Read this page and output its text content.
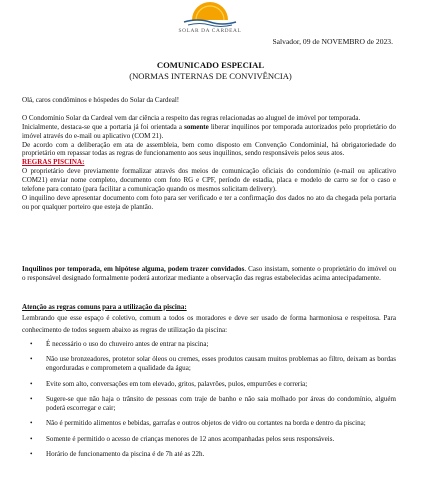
SOLAR DA CARDEAL
Salvador, 09 de NOVEMBRO de 2023.
COMUNICADO ESPECIAL
(NORMAS INTERNAS DE CONVIVÊNCIA)

Olá, caros condôminos e hóspedes do Solar da Cardeal!

O Condomínio Solar da Cardeal vem dar ciência a respeito das regras relacionadas ao aluguel de imóvel por temporada.

Inicialmente, destaca-se que a portaria já foi orientada a somente liberar inquilinos por temporada autorizados pelo proprietário do imóvel através do e-mail ou aplicativo (COM 21).

De acordo com a deliberação em ata de assembleia, bem como disposto em Convenção Condominial, há obrigatoriedade do proprietário em repassar todas as regras de funcionamento aos seus inquilinos, sendo responsáveis pelos seus atos.

REGRAS PISCINA:

O proprietário deve previamente formalizar através dos meios de comunicação oficiais do condomínio (e-mail ou aplicativo COM21) enviar nome completo, documento com foto RG e CPF, período de estadia, placa e modelo de carro se for o caso e telefone para contato (para facilitar a comunicação quando os mesmos solicitam delivery).

O inquilino deve apresentar documento com foto para ser verificado e ter a confirmação dos dados no ato da chegada pela portaria ou por qualquer porteiro que esteja de plantão.

Inquilinos por temporada, em hipótese alguma, podem trazer convidados. Caso insistam, somente o proprietário do imóvel ou o responsável designado formalmente poderá autorizar mediante a observação das regras estabelecidas acima antecipadamente.

Atenção as regras comuns para a utilização da piscina:

Lembrando que esse espaço é coletivo, comum a todos os moradores e deve ser usado de forma harmoniosa e respeitosa. Para conhecimento de todos seguem abaixo as regras de utilização da piscina:

• É necessário o uso do chuveiro antes de entrar na piscina;
• Não use bronzeadores, protetor solar óleos ou cremes, esses produtos causam muitos problemas ao filtro, deixam as bordas engorduradas e comprometem a qualidade da água;
• Evite som alto, conversações em tom elevado, gritos, palavrões, pulos, empurrões e correria;
• Sugere-se que não haja o trânsito de pessoas com traje de banho e não saia molhado por áreas do condomínio, alguém poderá escorregar e cair;
• Não é permitido alimentos e bebidas, garrafas e outros objetos de vidro ou cortantes na borda e dentro da piscina;
• Somente é permitido o acesso de crianças menores de 12 anos acompanhadas pelos seus responsáveis.
• Horário de funcionamento da piscina é de 7h até as 22h.
